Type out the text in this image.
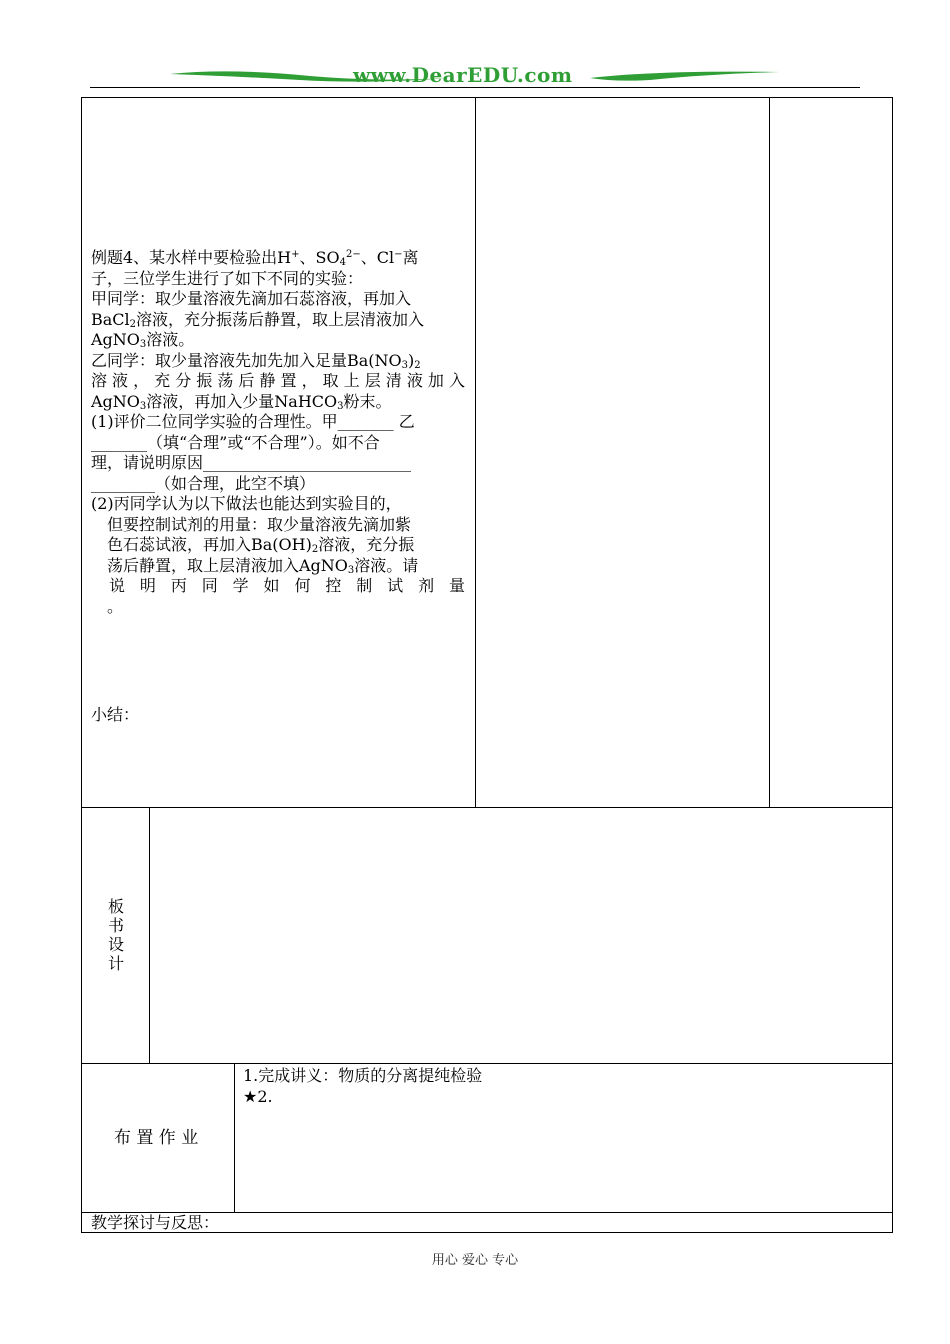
www.DearEDU.com
例题4、某水样中要检验出H+、$SO_4^{2-}$、Cl−离
子，三位学生进行了如下不同的实验：
甲同学：取少量溶液先滴加石蕊溶液，再加入
BaCl$_2$溶液，充分振荡后静置，取上层清液加入
AgNO$_3$溶液。
乙同学：取少量溶液先加先加入足量$Ba(NO_3)_2$
溶液，充分振荡后静置，取上层清液加入
AgNO$_3$溶液，再加入少量NaHCO$_3$粉末。
(1)评价二位同学实验的合理性。甲_______ 乙
_______（填“合理”或“不合理”）。如不合
理，请说明原因__________________________
________（如合理，此空不填）
(2)丙同学认为以下做法也能达到实验目的，
但要控制试剂的用量：取少量溶液先滴加紫
色石蕊试液，再加入$Ba(OH)_2$溶液，充分振
荡后静置，取上层清液加入AgNO$_3$溶液。请
说明丙同学如何控制试剂量
。
小结：
板书设计
布 置 作 业
1.完成讲义：物质的分离提纯检验
★2.
教学探讨与反思：
用心 爱心 专心
